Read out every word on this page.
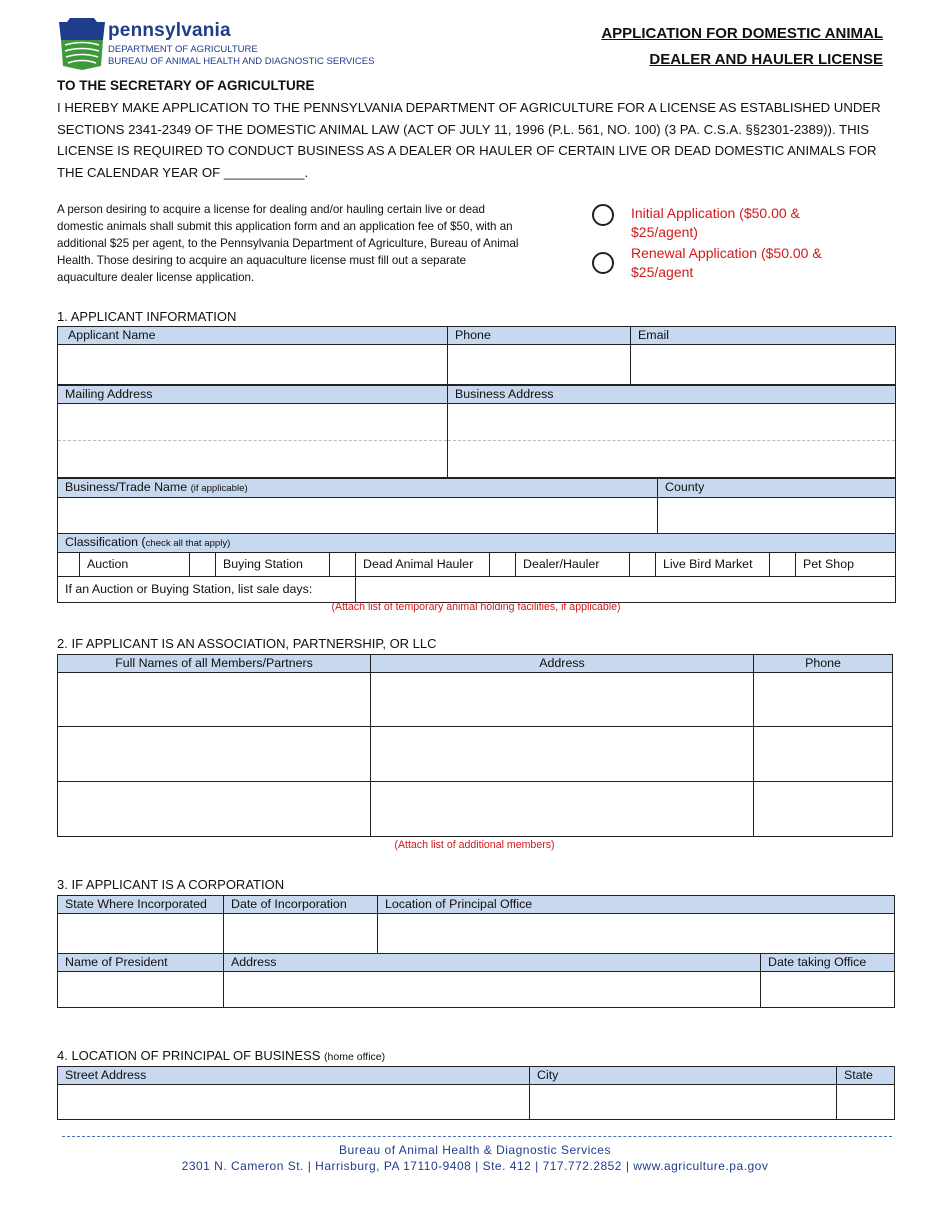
pennsylvania
DEPARTMENT OF AGRICULTURE
BUREAU OF ANIMAL HEALTH AND DIAGNOSTIC SERVICES
APPLICATION FOR DOMESTIC ANIMAL
DEALER AND HAULER LICENSE
TO THE SECRETARY OF AGRICULTURE
I HEREBY MAKE APPLICATION TO THE PENNSYLVANIA DEPARTMENT OF AGRICULTURE FOR A LICENSE AS ESTABLISHED UNDER SECTIONS 2341-2349 OF THE DOMESTIC ANIMAL LAW (ACT OF JULY 11, 1996 (P.L. 561, NO. 100) (3 PA. C.S.A. §§2301-2389)). THIS LICENSE IS REQUIRED TO CONDUCT BUSINESS AS A DEALER OR HAULER OF CERTAIN LIVE OR DEAD DOMESTIC ANIMALS FOR THE CALENDAR YEAR OF ___________.
A person desiring to acquire a license for dealing and/or hauling certain live or dead domestic animals shall submit this application form and an application fee of $50, with an additional $25 per agent, to the Pennsylvania Department of Agriculture, Bureau of Animal Health. Those desiring to acquire an aquaculture license must fill out a separate aquaculture dealer license application.
Initial Application ($50.00 & $25/agent)
Renewal Application ($50.00 & $25/agent
1. APPLICANT INFORMATION
Applicant Name	Phone	Email

Mailing Address	Business Address

Business/Trade Name (if applicable)	County

Classification (check all that apply)											
	Auction		Buying Station		Dead Animal Hauler		Dealer/Hauler		Live Bird Market		Pet Shop
If an Auction or Buying Station, list sale days:											
(Attach list of temporary animal holding facilities, if applicable)
2. IF APPLICANT IS AN ASSOCIATION, PARTNERSHIP, OR LLC
Full Names of all Members/Partners	Address	Phone

(Attach list of additional members)
3. IF APPLICANT IS A CORPORATION
State Where Incorporated	Date of Incorporation	Location of Principal Office	

Name of President	Address		Date taking Office

4. LOCATION OF PRINCIPAL OF BUSINESS (home office)
Street Address	City	State

Bureau of Animal Health & Diagnostic Services
2301 N. Cameron St. | Harrisburg, PA 17110-9408 | Ste. 412 | 717.772.2852 | www.agriculture.pa.gov
